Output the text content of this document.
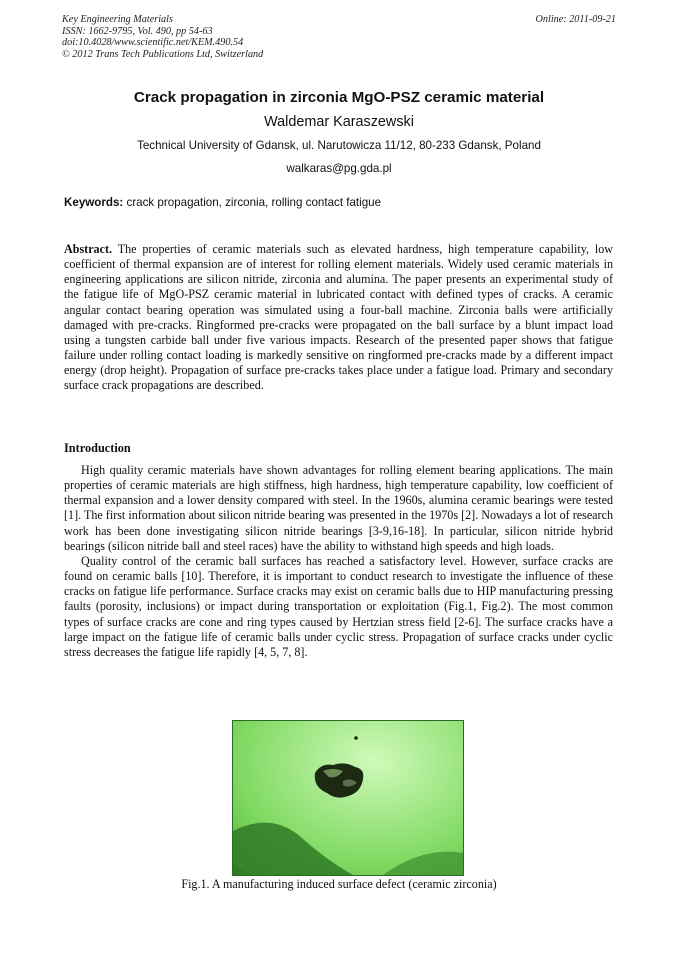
Key Engineering Materials
ISSN: 1662-9795, Vol. 490, pp 54-63
doi:10.4028/www.scientific.net/KEM.490.54
© 2012 Trans Tech Publications Ltd, Switzerland
Online: 2011-09-21
Crack propagation in zirconia MgO-PSZ ceramic material
Waldemar Karaszewski
Technical University of Gdansk, ul. Narutowicza 11/12, 80-233 Gdansk, Poland
walkaras@pg.gda.pl
Keywords: crack propagation, zirconia, rolling contact fatigue
Abstract. The properties of ceramic materials such as elevated hardness, high temperature capability, low coefficient of thermal expansion are of interest for rolling element materials. Widely used ceramic materials in engineering applications are silicon nitride, zirconia and alumina. The paper presents an experimental study of the fatigue life of MgO-PSZ ceramic material in lubricated contact with defined types of cracks. A ceramic angular contact bearing operation was simulated using a four-ball machine. Zirconia balls were artificially damaged with pre-cracks. Ringformed pre-cracks were propagated on the ball surface by a blunt impact load using a tungsten carbide ball under five various impacts. Research of the presented paper shows that fatigue failure under rolling contact loading is markedly sensitive on ringformed pre-cracks made by a different impact energy (drop height). Propagation of surface pre-cracks takes place under a fatigue load. Primary and secondary surface crack propagations are described.
Introduction

High quality ceramic materials have shown advantages for rolling element bearing applications. The main properties of ceramic materials are high stiffness, high hardness, high temperature capability, low coefficient of thermal expansion and a lower density compared with steel. In the 1960s, alumina ceramic bearings were tested [1]. The first information about silicon nitride bearing was presented in the 1970s [2]. Nowadays a lot of research work has been done investigating silicon nitride bearings [3-9,16-18]. In particular, silicon nitride hybrid bearings (silicon nitride ball and steel races) have the ability to withstand high speeds and high loads.

Quality control of the ceramic ball surfaces has reached a satisfactory level. However, surface cracks are found on ceramic balls [10]. Therefore, it is important to conduct research to investigate the influence of these cracks on fatigue life performance. Surface cracks may exist on ceramic balls due to HIP manufacturing pressing faults (porosity, inclusions) or impact during transportation or exploitation (Fig.1, Fig.2). The most common types of surface cracks are cone and ring types caused by Hertzian stress field [2-6]. The surface cracks have a large impact on the fatigue life of ceramic balls under cyclic stress. Propagation of surface cracks under cyclic stress decreases the fatigue life rapidly [4, 5, 7, 8].

Fig.1. A manufacturing induced surface defect (ceramic zirconia)
